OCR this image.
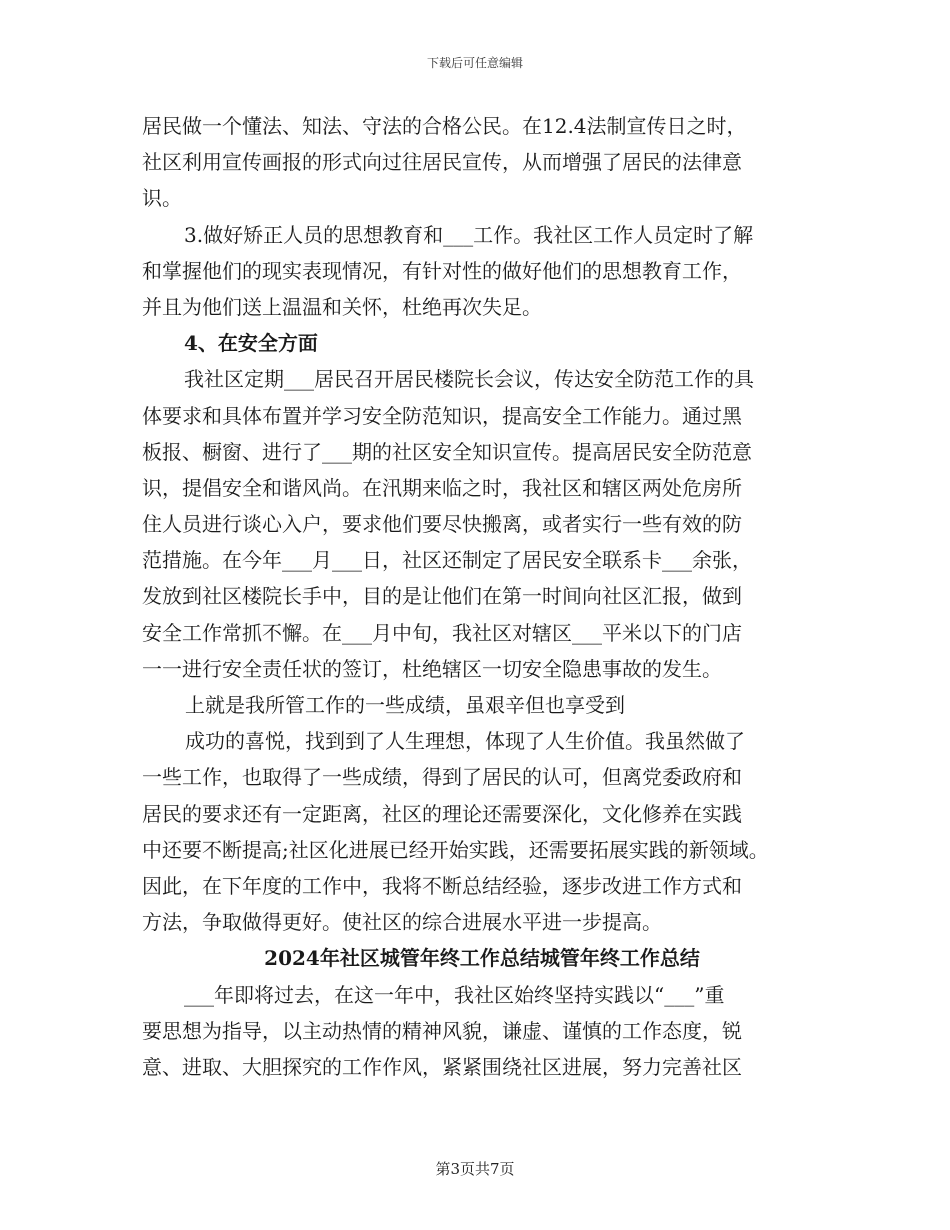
下载后可任意编辑
居民做一个懂法、知法、守法的合格公民。在12.4法制宣传日之时，
社区利用宣传画报的形式向过往居民宣传，从而增强了居民的法律意
识。
3.做好矫正人员的思想教育和___工作。我社区工作人员定时了解
和掌握他们的现实表现情况，有针对性的做好他们的思想教育工作，
并且为他们送上温温和关怀，杜绝再次失足。
4、在安全方面
我社区定期___居民召开居民楼院长会议，传达安全防范工作的具
体要求和具体布置并学习安全防范知识，提高安全工作能力。通过黑
板报、橱窗、进行了___期的社区安全知识宣传。提高居民安全防范意
识，提倡安全和谐风尚。在汛期来临之时，我社区和辖区两处危房所
住人员进行谈心入户，要求他们要尽快搬离，或者实行一些有效的防
范措施。在今年___月___日，社区还制定了居民安全联系卡___余张，
发放到社区楼院长手中，目的是让他们在第一时间向社区汇报，做到
安全工作常抓不懈。在___月中旬，我社区对辖区___平米以下的门店
一一进行安全责任状的签订，杜绝辖区一切安全隐患事故的发生。
上就是我所管工作的一些成绩，虽艰辛但也享受到
成功的喜悦，找到到了人生理想，体现了人生价值。我虽然做了
一些工作，也取得了一些成绩，得到了居民的认可，但离党委政府和
居民的要求还有一定距离，社区的理论还需要深化，文化修养在实践
中还要不断提高;社区化进展已经开始实践，还需要拓展实践的新领域。
因此，在下年度的工作中，我将不断总结经验，逐步改进工作方式和
方法，争取做得更好。使社区的综合进展水平进一步提高。
2024年社区城管年终工作总结城管年终工作总结
___年即将过去，在这一年中，我社区始终坚持实践以“___”重
要思想为指导，以主动热情的精神风貌，谦虚、谨慎的工作态度，锐
意、进取、大胆探究的工作作风，紧紧围绕社区进展，努力完善社区
第3页共7页
